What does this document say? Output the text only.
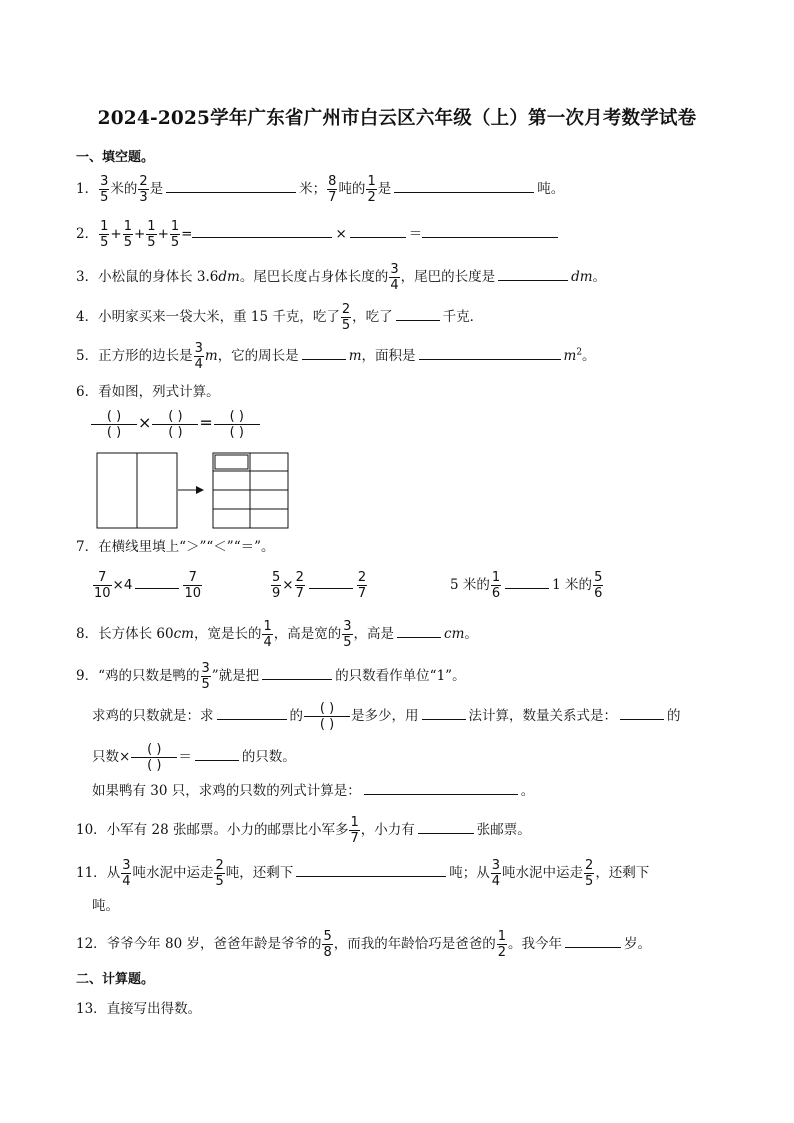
2024-2025学年广东省广州市白云区六年级（上）第一次月考数学试卷
一、填空题。
1． $\frac{3}{5}$ 米的 $\frac{2}{3}$ 是	米； $\frac{8}{7}$ 吨的 $\frac{1}{2}$ 是	吨。
2． $\frac{1}{5} + \frac{1}{5} + \frac{1}{5} + \frac{1}{5}$ =	×	＝
3．小松鼠的身体长 3.6dm。尾巴长度占身体长度的 $\frac{3}{4}$ ，尾巴的长度是	dm。
4．小明家买来一袋大米，重 15 千克，吃了 $\frac{2}{5}$ ，吃了	千克．
5．正方形的边长是 $\frac{3}{4}$ m，它的周长是	m，面积是	$m^2$。
6．看如图，列式计算。
$\frac{( )}{( )} \times \frac{( )}{( )} = \frac{( )}{( )}$
7．在横线里填上“＞”“＜”“＝”。
$\frac{7}{10} \times 4$	$\frac{7}{10}$	$\frac{5}{9} \times \frac{2}{7}$	$\frac{2}{7}$	5 米的 $\frac{1}{6}$	1 米的 $\frac{5}{6}$
8．长方体长 60cm，宽是长的 $\frac{1}{4}$ ，高是宽的 $\frac{3}{5}$ ，高是	cm。
9．“鸡的只数是鸭的 $\frac{3}{5}$ ”就是把	的只数看作单位“1”。
求鸡的只数就是：求	的 $\frac{( )}{( )}$ 是多少，用	法计算，数量关系式是：	的
只数× $\frac{( )}{( )}$ ＝	的只数。
如果鸭有 30 只，求鸡的只数的列式计算是：	。
10．小军有 28 张邮票。小力的邮票比小军多 $\frac{1}{7}$ ，小力有	张邮票。
11．从 $\frac{3}{4}$ 吨水泥中运走 $\frac{2}{5}$ 吨，还剩下	吨；从 $\frac{3}{4}$ 吨水泥中运走 $\frac{2}{5}$ ，还剩下
吨。
12．爷爷今年 80 岁，爸爸年龄是爷爷的 $\frac{5}{8}$ ，而我的年龄恰巧是爸爸的 $\frac{1}{2}$ 。我今年	岁。
二、计算题。
13．直接写出得数。
